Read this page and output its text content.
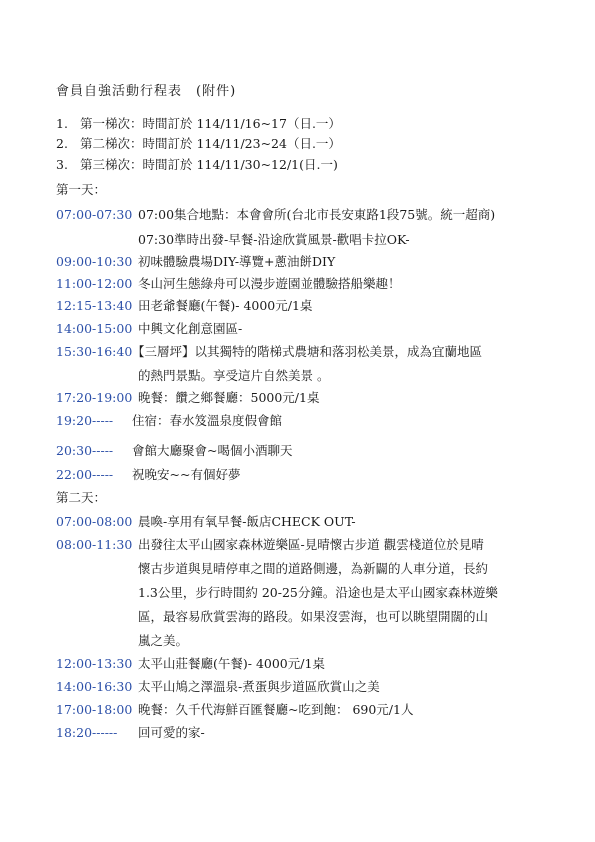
會員自強活動行程表 (附件)
1. 第一梯次：時間訂於 114/11/16~17（日.一）
2. 第二梯次：時間訂於 114/11/23~24（日.一）
3. 第三梯次：時間訂於 114/11/30~12/1(日.一)
第一天：
07:00-07:30 07:00集合地點：本會會所(台北市長安東路1段75號。統一超商)
07:30準時出發-早餐-沿途欣賞風景-歡唱卡拉OK-
09:00-10:30 初味體驗農場DIY-導覽+蔥油餅DIY
11:00-12:00 冬山河生態綠舟可以漫步遊園並體驗搭船樂趣！
12:15-13:40 田老爺餐廳(午餐)- 4000元/1桌
14:00-15:00 中興文化創意園區-
15:30-16:40 【三層坪】以其獨特的階梯式農塘和落羽松美景，成為宜蘭地區
的熱門景點。享受這片自然美景 。
17:20-19:00 晚餐：饡之鄉餐廳：5000元/1桌
19:20----- 住宿：春水笈溫泉度假會館
20:30----- 會館大廳聚會~喝個小酒聊天
22:00----- 祝晚安~~有個好夢
第二天：
07:00-08:00 晨喚-享用有氧早餐-飯店CHECK OUT-
08:00-11:30 出發往太平山國家森林遊樂區-見晴懷古步道 觀雲棧道位於見晴
懷古步道與見晴停車之間的道路側邊，為新闢的人車分道，長約
1.3公里，步行時間約 20-25分鐘。沿途也是太平山國家森林遊樂
區，最容易欣賞雲海的路段。如果沒雲海，也可以眺望開闊的山
嵐之美。
12:00-13:30 太平山莊餐廳(午餐)- 4000元/1桌
14:00-16:30 太平山鳩之澤溫泉-煮蛋與步道區欣賞山之美
17:00-18:00 晚餐：久千代海鮮百匯餐廳~吃到飽： 690元/1人
18:20------ 回可愛的家-
